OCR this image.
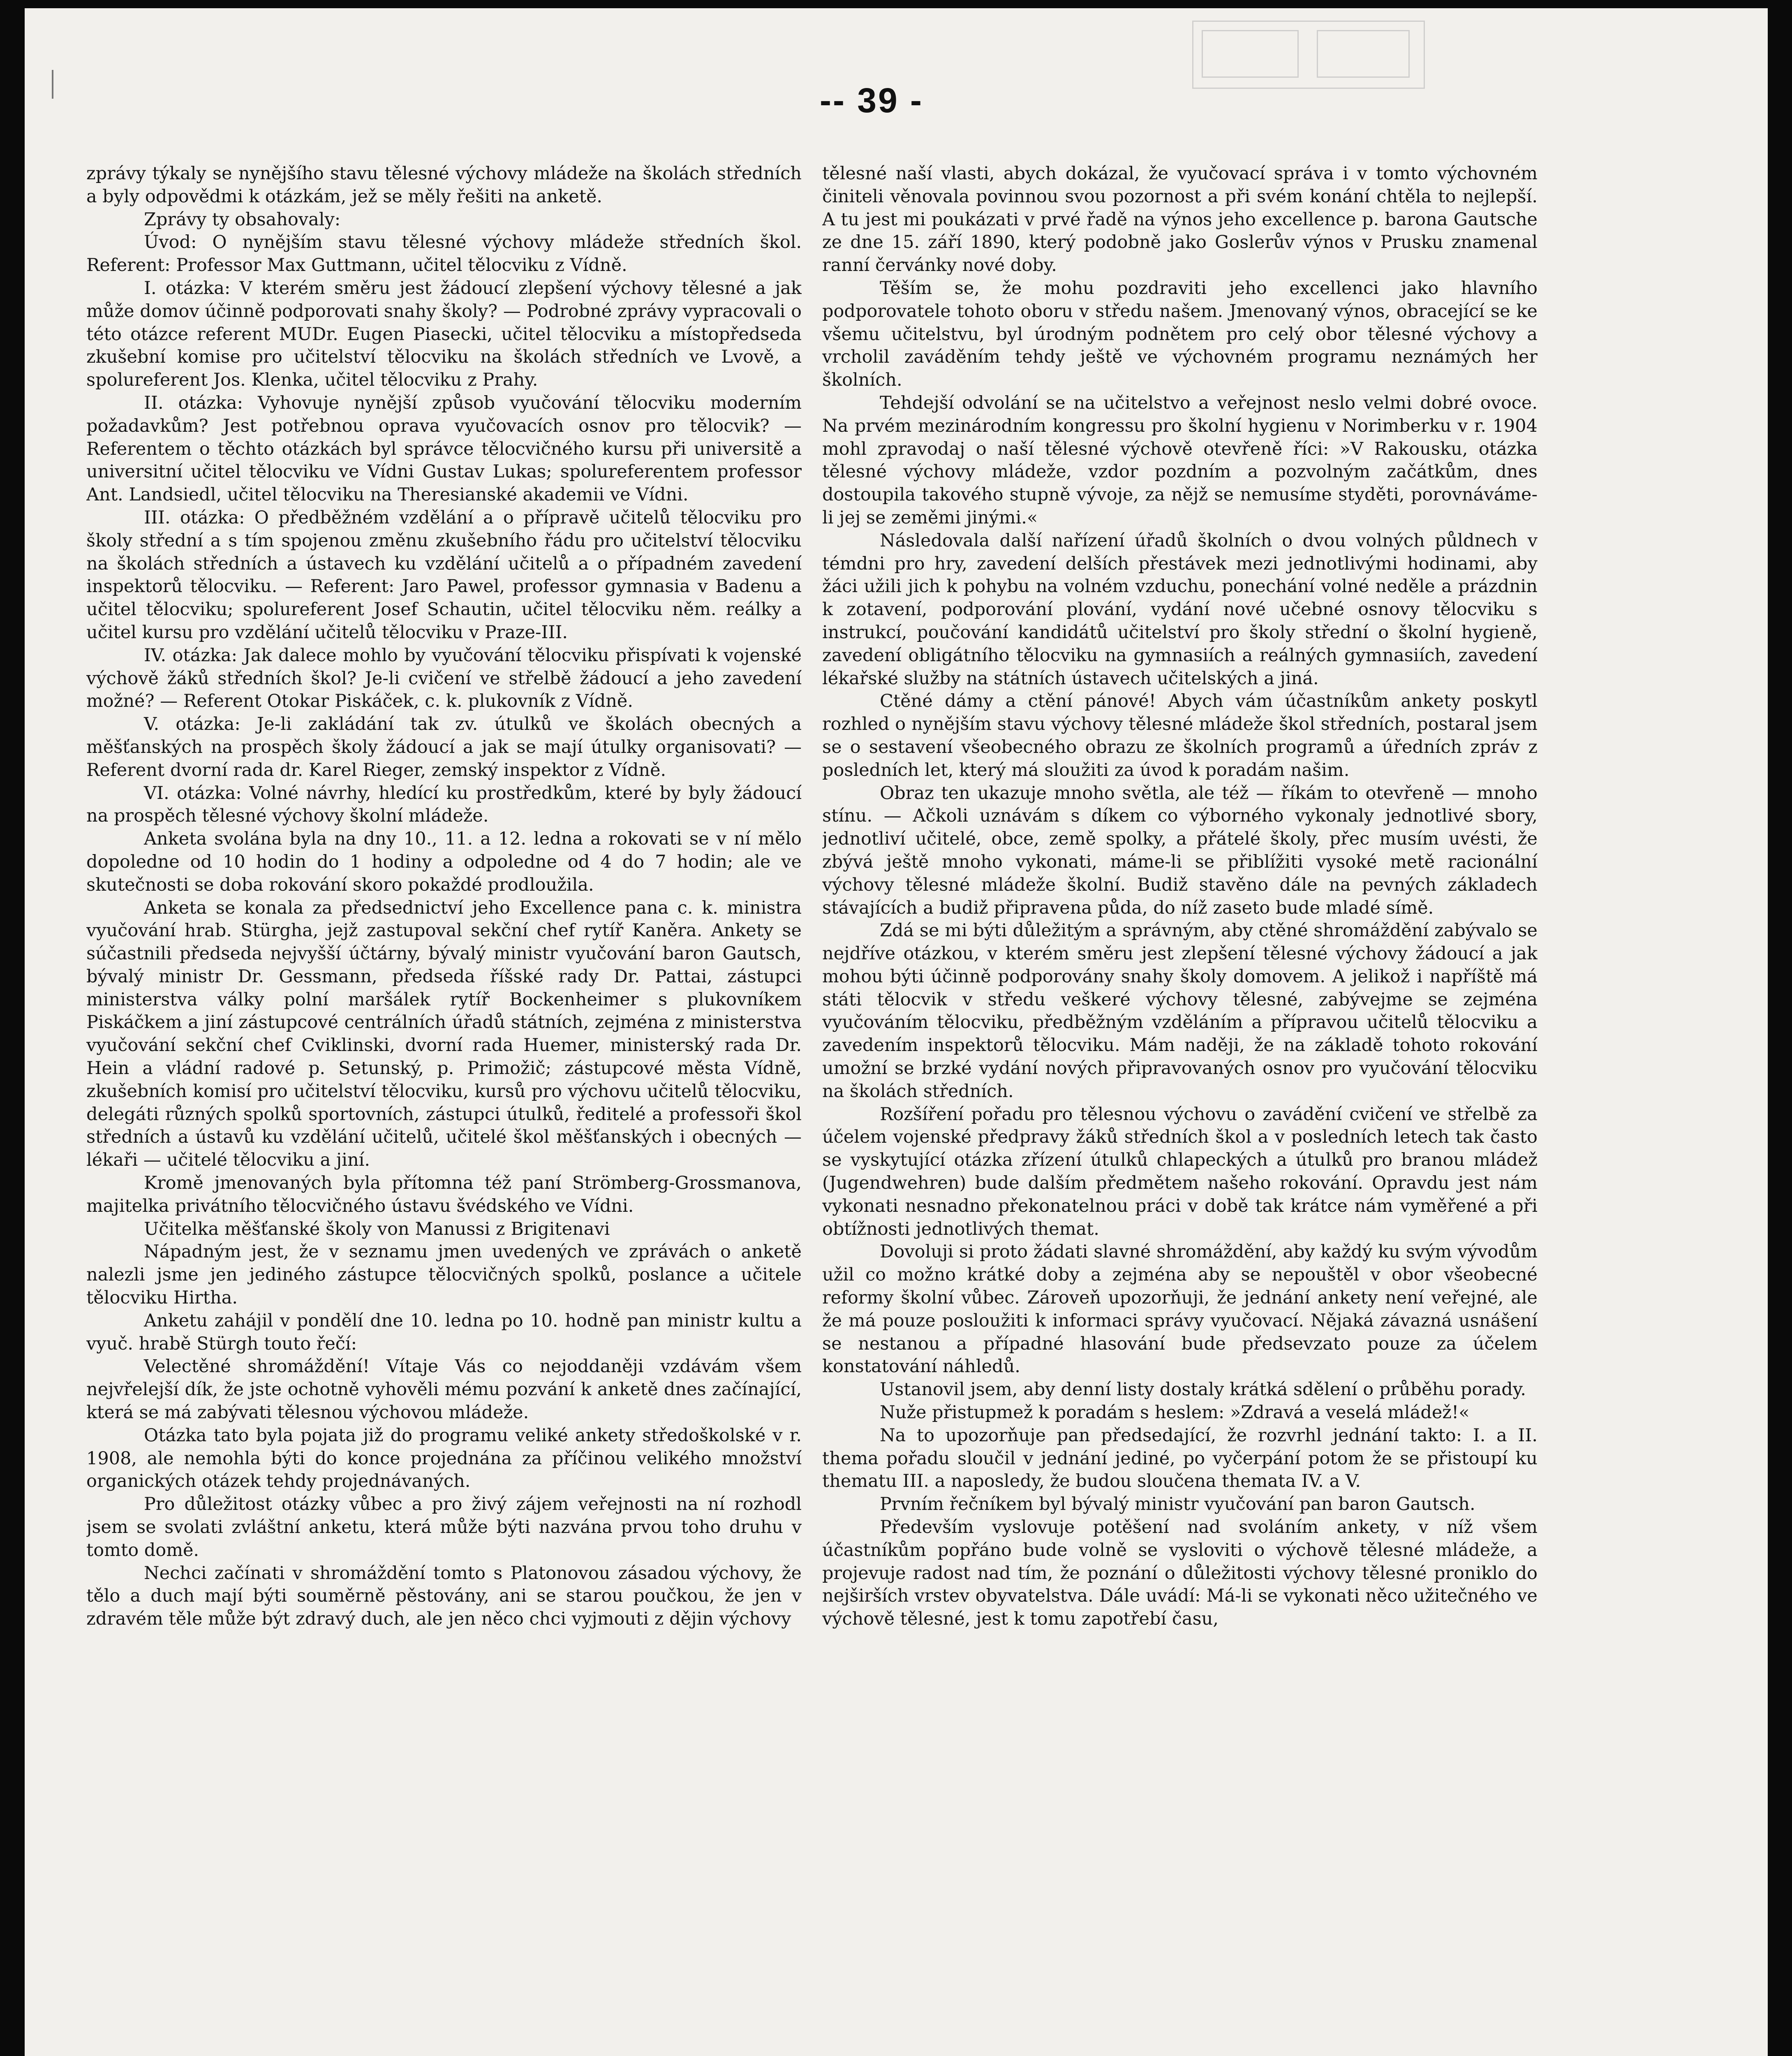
-- 39 -

zprávy týkaly se nynějšího stavu tělesné výchovy mládeže na školách středních a byly odpovědmi k otázkám, jež se měly řešiti na anketě.

Zprávy ty obsahovaly:

Úvod: O nynějším stavu tělesné výchovy mládeže středních škol. Referent: Professor Max Guttmann, učitel tělocviku z Vídně.

I. otázka: V kterém směru jest žádoucí zlepšení výchovy tělesné a jak může domov účinně podporovati snahy školy? — Podrobné zprávy vypracovali o této otázce referent MUDr. Eugen Piasecki, učitel tělocviku a místopředseda zkušební komise pro učitelství tělocviku na školách středních ve Lvově, a spolureferent Jos. Klenka, učitel tělocviku z Prahy.

II. otázka: Vyhovuje nynější způsob vyučování tělocviku moderním požadavkům? Jest potřebnou oprava vyučovacích osnov pro tělocvik? — Referentem o těchto otázkách byl správce tělocvičného kursu při universitě a universitní učitel tělocviku ve Vídni Gustav Lukas; spolureferentem professor Ant. Landsiedl, učitel tělocviku na Theresianské akademii ve Vídni.

III. otázka: O předběžném vzdělání a o přípravě učitelů tělocviku pro školy střední a s tím spojenou změnu zkušebního řádu pro učitelství tělocviku na školách středních a ústavech ku vzdělání učitelů a o případném zavedení inspektorů tělocviku. — Referent: Jaro Pawel, professor gymnasia v Badenu a učitel tělocviku; spolureferent Josef Schautin, učitel tělocviku něm. reálky a učitel kursu pro vzdělání učitelů tělocviku v Praze-III.

IV. otázka: Jak dalece mohlo by vyučování tělocviku přispívati k vojenské výchově žáků středních škol? Je-li cvičení ve střelbě žádoucí a jeho zavedení možné? — Referent Otokar Piskáček, c. k. plukovník z Vídně.

V. otázka: Je-li zakládání tak zv. útulků ve školách obecných a měšťanských na prospěch školy žádoucí a jak se mají útulky organisovati? — Referent dvorní rada dr. Karel Rieger, zemský inspektor z Vídně.

VI. otázka: Volné návrhy, hledící ku prostředkům, které by byly žádoucí na prospěch tělesné výchovy školní mládeže.

Anketa svolána byla na dny 10., 11. a 12. ledna a rokovati se v ní mělo dopoledne od 10 hodin do 1 hodiny a odpoledne od 4 do 7 hodin; ale ve skutečnosti se doba rokování skoro pokaždé prodloužila.

Anketa se konala za předsednictví jeho Excellence pana c. k. ministra vyučování hrab. Stürgha, jejž zastupoval sekční chef rytíř Kaněra. Ankety se súčastnili předseda nejvyšší účtárny, bývalý ministr vyučování baron Gautsch, bývalý ministr Dr. Gessmann, předseda říšské rady Dr. Pattai, zástupci ministerstva války polní maršálek rytíř Bockenheimer s plukovníkem Piskáčkem a jiní zástupcové centrálních úřadů státních, zejména z ministerstva vyučování sekční chef Cviklinski, dvorní rada Huemer, ministerský rada Dr. Hein a vládní radové p. Setunský, p. Primožič; zástupcové města Vídně, zkušebních komisí pro učitelství tělocviku, kursů pro výchovu učitelů tělocviku, delegáti různých spolků sportovních, zástupci útulků, ředitelé a professoři škol středních a ústavů ku vzdělání učitelů, učitelé škol měšťanských i obecných — lékaři — učitelé tělocviku a jiní.

Kromě jmenovaných byla přítomna též paní Strömberg-Grossmanova, majitelka privátního tělocvičného ústavu švédského ve Vídni.

Učitelka měšťanské školy von Manussi z Brigitenavi

Nápadným jest, že v seznamu jmen uvedených ve zprávách o anketě nalezli jsme jen jediného zástupce tělocvičných spolků, poslance a učitele tělocviku Hirtha.

Anketu zahájil v pondělí dne 10. ledna po 10. hodně pan ministr kultu a vyuč. hrabě Stürgh touto řečí:

Velectěné shromáždění! Vítaje Vás co nejoddaněji vzdávám všem nejvřelejší dík, že jste ochotně vyhověli mému pozvání k anketě dnes začínající, která se má zabývati tělesnou výchovou mládeže.

Otázka tato byla pojata již do programu veliké ankety středoškolské v r. 1908, ale nemohla býti do konce projednána za příčinou velikého množství organických otázek tehdy projednávaných.

Pro důležitost otázky vůbec a pro živý zájem veřejnosti na ní rozhodl jsem se svolati zvláštní anketu, která může býti nazvána prvou toho druhu v tomto domě.

Nechci začínati v shromáždění tomto s Platonovou zásadou výchovy, že tělo a duch mají býti souměrně pěstovány, ani se starou poučkou, že jen v zdravém těle může být zdravý duch, ale jen něco chci vyjmouti z dějin výchovy

tělesné naší vlasti, abych dokázal, že vyučovací správa i v tomto výchovném činiteli věnovala povinnou svou pozornost a při svém konání chtěla to nejlepší. A tu jest mi poukázati v prvé řadě na výnos jeho excellence p. barona Gautsche ze dne 15. září 1890, který podobně jako Goslerův výnos v Prusku znamenal ranní červánky nové doby.

Těším se, že mohu pozdraviti jeho excellenci jako hlavního podporovatele tohoto oboru v středu našem. Jmenovaný výnos, obracející se ke všemu učitelstvu, byl úrodným podnětem pro celý obor tělesné výchovy a vrcholil zaváděním tehdy ještě ve výchovném programu neznámých her školních.

Tehdejší odvolání se na učitelstvo a veřejnost neslo velmi dobré ovoce. Na prvém mezinárodním kongressu pro školní hygienu v Norimberku v r. 1904 mohl zpravodaj o naší tělesné výchově otevřeně říci: »V Rakousku, otázka tělesné výchovy mládeže, vzdor pozdním a pozvolným začátkům, dnes dostoupila takového stupně vývoje, za nějž se nemusíme styděti, porovnáváme-li jej se zeměmi jinými.«

Následovala další nařízení úřadů školních o dvou volných půldnech v témdni pro hry, zavedení delších přestávek mezi jednotlivými hodinami, aby žáci užili jich k pohybu na volném vzduchu, ponechání volné neděle a prázdnin k zotavení, podporování plování, vydání nové učebné osnovy tělocviku s instrukcí, poučování kandidátů učitelství pro školy střední o školní hygieně, zavedení obligátního tělocviku na gymnasiích a reálných gymnasiích, zavedení lékařské služby na státních ústavech učitelských a jiná.

Ctěné dámy a ctění pánové! Abych vám účastníkům ankety poskytl rozhled o nynějším stavu výchovy tělesné mládeže škol středních, postaral jsem se o sestavení všeobecného obrazu ze školních programů a úředních zpráv z posledních let, který má sloužiti za úvod k poradám našim.

Obraz ten ukazuje mnoho světla, ale též — říkám to otevřeně — mnoho stínu. — Ačkoli uznávám s díkem co výborného vykonaly jednotlivé sbory, jednotliví učitelé, obce, země spolky, a přátelé školy, přec musím uvésti, že zbývá ještě mnoho vykonati, máme-li se přiblížiti vysoké metě racionální výchovy tělesné mládeže školní. Budiž stavěno dále na pevných základech stávajících a budiž připravena půda, do níž zaseto bude mladé símě.

Zdá se mi býti důležitým a správným, aby ctěné shromáždění zabývalo se nejdříve otázkou, v kterém směru jest zlepšení tělesné výchovy žádoucí a jak mohou býti účinně podporovány snahy školy domovem. A jelikož i napříště má státi tělocvik v středu veškeré výchovy tělesné, zabývejme se zejména vyučováním tělocviku, předběžným vzděláním a přípravou učitelů tělocviku a zavedením inspektorů tělocviku. Mám naději, že na základě tohoto rokování umožní se brzké vydání nových připravovaných osnov pro vyučování tělocviku na školách středních.

Rozšíření pořadu pro tělesnou výchovu o zavádění cvičení ve střelbě za účelem vojenské předpravy žáků středních škol a v posledních letech tak často se vyskytující otázka zřízení útulků chlapeckých a útulků pro branou mládež (Jugendwehren) bude dalším předmětem našeho rokování. Opravdu jest nám vykonati nesnadno překonatelnou práci v době tak krátce nám vyměřené a při obtížnosti jednotlivých themat.

Dovoluji si proto žádati slavné shromáždění, aby každý ku svým vývodům užil co možno krátké doby a zejména aby se nepouštěl v obor všeobecné reformy školní vůbec. Zároveň upozorňuji, že jednání ankety není veřejné, ale že má pouze posloužiti k informaci správy vyučovací. Nějaká závazná usnášení se nestanou a případné hlasování bude předsevzato pouze za účelem konstatování náhledů.

Ustanovil jsem, aby denní listy dostaly krátká sdělení o průběhu porady.

Nuže přistupmež k poradám s heslem: »Zdravá a veselá mládež!«

Na to upozorňuje pan předsedající, že rozvrhl jednání takto: I. a II. thema pořadu sloučil v jednání jediné, po vyčerpání potom že se přistoupí ku thematu III. a naposledy, že budou sloučena themata IV. a V.

Prvním řečníkem byl bývalý ministr vyučování pan baron Gautsch.

Především vyslovuje potěšení nad svoláním ankety, v níž všem účastníkům popřáno bude volně se vysloviti o výchově tělesné mládeže, a projevuje radost nad tím, že poznání o důležitosti výchovy tělesné proniklo do nejširších vrstev obyvatelstva. Dále uvádí: Má-li se vykonati něco užitečného ve výchově tělesné, jest k tomu zapotřebí času,
